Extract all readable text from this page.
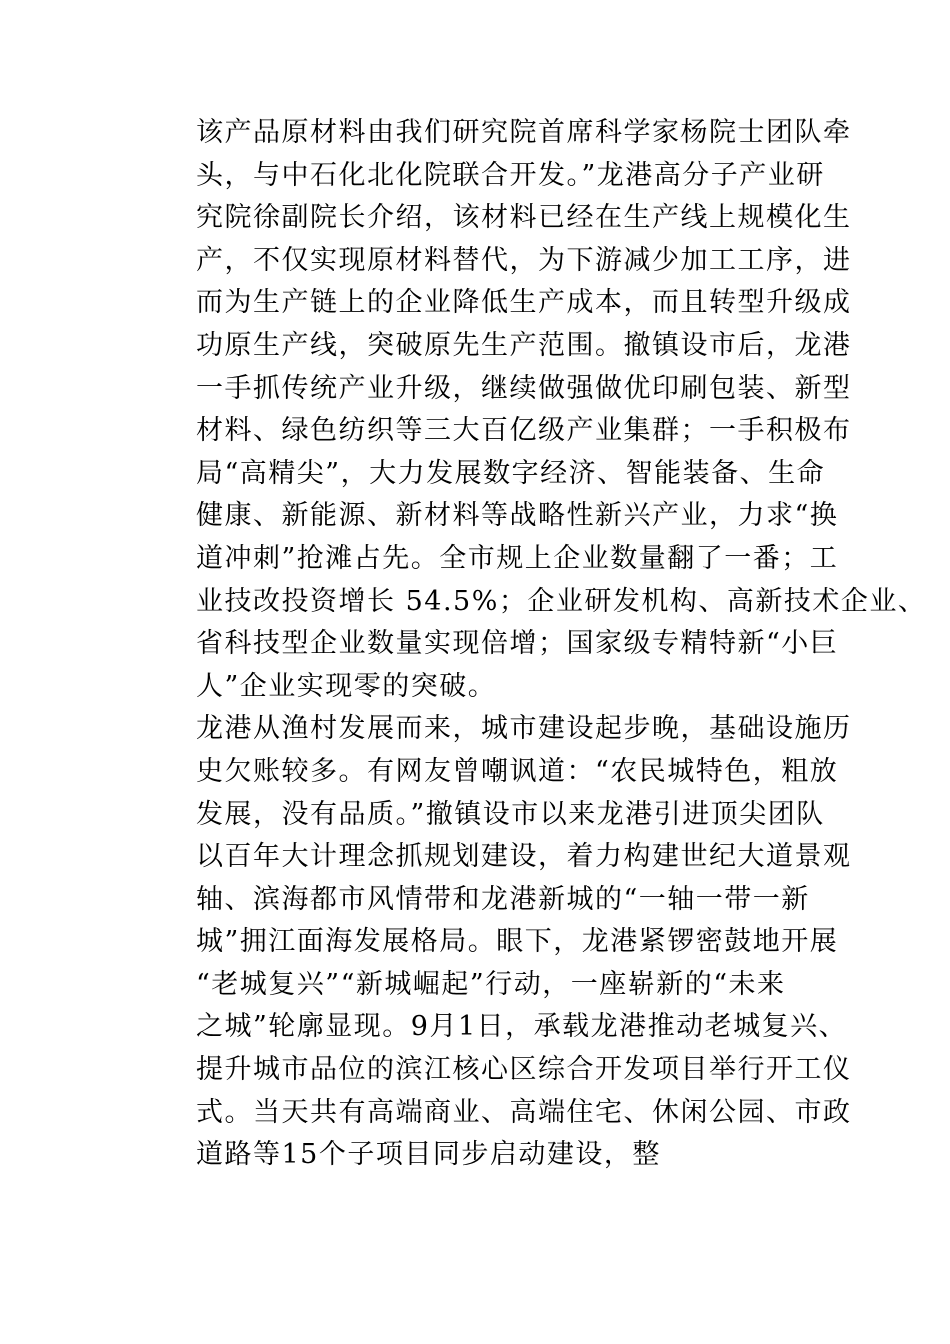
该产品原材料由我们研究院首席科学家杨院士团队牵
头，与中石化北化院联合开发。”龙港高分子产业研
究院徐副院长介绍，该材料已经在生产线上规模化生
产，不仅实现原材料替代，为下游减少加工工序，进
而为生产链上的企业降低生产成本，而且转型升级成
功原生产线，突破原先生产范围。撤镇设市后，龙港
一手抓传统产业升级，继续做强做优印刷包装、新型
材料、绿色纺织等三大百亿级产业集群；一手积极布
局“高精尖”，大力发展数字经济、智能装备、生命
健康、新能源、新材料等战略性新兴产业，力求“换
道冲刺”抢滩占先。全市规上企业数量翻了一番；工
业技改投资增长 54.5%；企业研发机构、高新技术企业、
省科技型企业数量实现倍增；国家级专精特新“小巨
人”企业实现零的突破。
龙港从渔村发展而来，城市建设起步晚，基础设施历
史欠账较多。有网友曾嘲讽道：“农民城特色，粗放
发展，没有品质。”撤镇设市以来龙港引进顶尖团队
以百年大计理念抓规划建设，着力构建世纪大道景观
轴、滨海都市风情带和龙港新城的“一轴一带一新
城”拥江面海发展格局。眼下，龙港紧锣密鼓地开展
“老城复兴”“新城崛起”行动，一座崭新的“未来
之城”轮廓显现。9月1日，承载龙港推动老城复兴、
提升城市品位的滨江核心区综合开发项目举行开工仪
式。当天共有高端商业、高端住宅、休闲公园、市政
道路等15个子项目同步启动建设，整
